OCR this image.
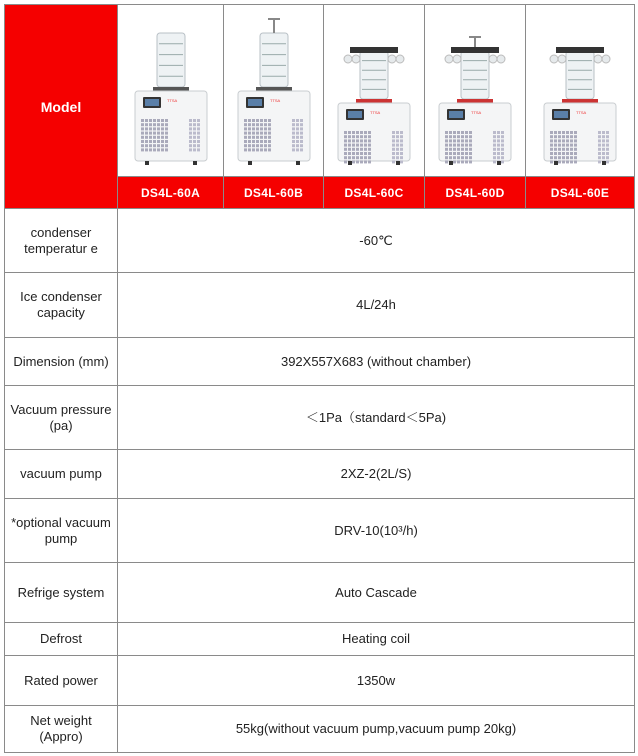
Model	TTSA	TTSA	TTSA	TTSA	TTSA

	DS4L-60A	DS4L-60B	DS4L-60C	DS4L-60D	DS4L-60E
condenser temperatur e	-60℃				
Ice condenser capacity	4L/24h				
Dimension (mm)	392X557X683 (without chamber)				
Vacuum pressure (pa)	＜1Pa（standard＜5Pa)				
vacuum pump	2XZ-2(2L/S)				
*optional vacuum pump	DRV-10(10³/h)				
Refrige system	Auto Cascade				
Defrost	Heating coil				
Rated power	1350w				
Net weight (Appro)	55kg(without vacuum pump,vacuum pump 20kg)				
